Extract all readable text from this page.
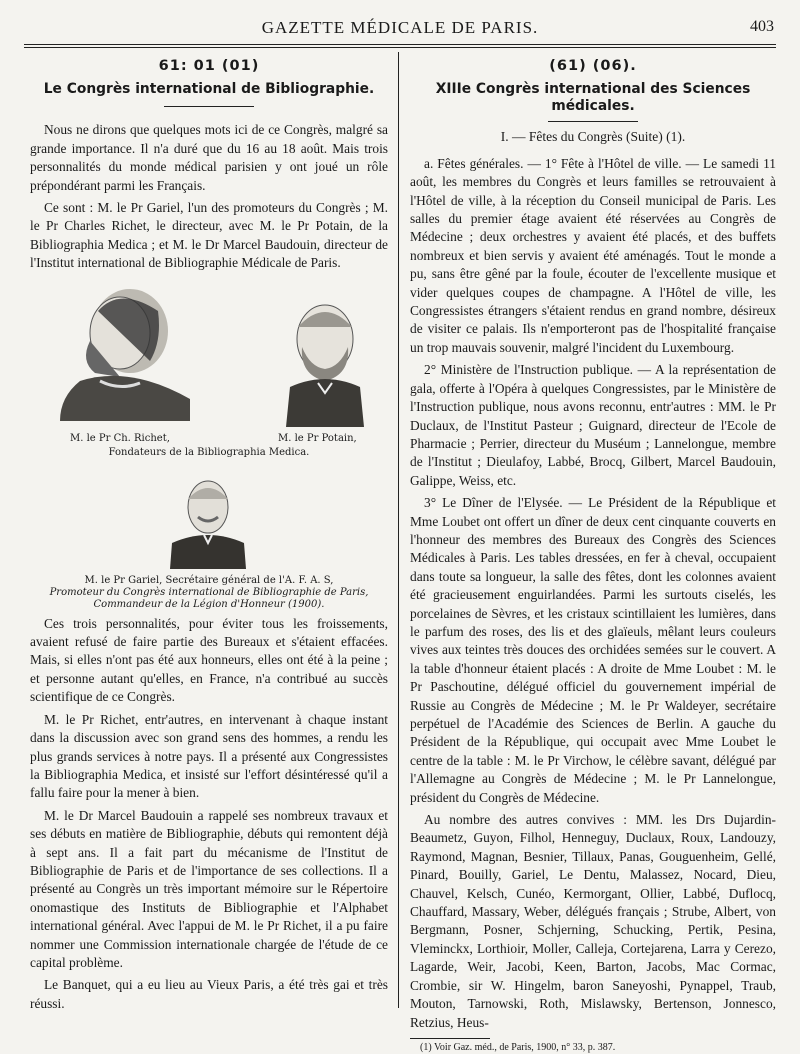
GAZETTE MÉDICALE DE PARIS.	403
61: 01 (01)
Le Congrès international de Bibliographie.

Nous ne dirons que quelques mots ici de ce Congrès, malgré sa grande importance. Il n'a duré que du 16 au 18 août. Mais trois personnalités du monde médical parisien y ont joué un rôle prépondérant parmi les Français.

Ce sont : M. le Pr Gariel, l'un des promoteurs du Congrès ; M. le Pr Charles Richet, le directeur, avec M. le Pr Potain, de la Bibliographia Medica ; et M. le Dr Marcel Baudouin, directeur de l'Institut international de Bibliographie Médicale de Paris.

M. le Pr Ch. Richet,	M. le Pr Potain,
Fondateurs de la Bibliographia Medica.
M. le Pr Gariel, Secrétaire général de l'A. F. A. S,
Promoteur du Congrès international de Bibliographie de Paris,
Commandeur de la Légion d'Honneur (1900).

Ces trois personnalités, pour éviter tous les froissements, avaient refusé de faire partie des Bureaux et s'étaient effacées. Mais, si elles n'ont pas été aux honneurs, elles ont été à la peine ; et personne autant qu'elles, en France, n'a contribué au succès scientifique de ce Congrès.

M. le Pr Richet, entr'autres, en intervenant à chaque instant dans la discussion avec son grand sens des hommes, a rendu les plus grands services à notre pays. Il a présenté aux Congressistes la Bibliographia Medica, et insisté sur l'effort désintéressé qu'il a fallu faire pour la mener à bien.

M. le Dr Marcel Baudouin a rappelé ses nombreux travaux et ses débuts en matière de Bibliographie, débuts qui remontent déjà à sept ans. Il a fait part du mécanisme de l'Institut de Bibliographie de Paris et de l'importance de ses collections. Il a présenté au Congrès un très important mémoire sur le Répertoire onomastique des Instituts de Bibliographie et l'Alphabet international général. Avec l'appui de M. le Pr Richet, il a pu faire nommer une Commission internationale chargée de l'étude de ce capital problème.

Le Banquet, qui a eu lieu au Vieux Paris, a été très gai et très réussi.

(61) (06).
XIIIe Congrès international des Sciences médicales.
I. — Fêtes du Congrès (Suite) (1).

a. Fêtes générales. — 1° Fête à l'Hôtel de ville. — Le samedi 11 août, les membres du Congrès et leurs familles se retrouvaient à l'Hôtel de ville, à la réception du Conseil municipal de Paris. Les salles du premier étage avaient été réservées au Congrès de Médecine ; deux orchestres y avaient été placés, et des buffets nombreux et bien servis y avaient été aménagés. Tout le monde a pu, sans être gêné par la foule, écouter de l'excellente musique et vider quelques coupes de champagne. A l'Hôtel de ville, les Congressistes étrangers s'étaient rendus en grand nombre, désireux de visiter ce palais. Ils n'emporteront pas de l'hospitalité française un trop mauvais souvenir, malgré l'incident du Luxembourg.

2° Ministère de l'Instruction publique. — A la représentation de gala, offerte à l'Opéra à quelques Congressistes, par le Ministère de l'Instruction publique, nous avons reconnu, entr'autres : MM. le Pr Duclaux, de l'Institut Pasteur ; Guignard, directeur de l'Ecole de Pharmacie ; Perrier, directeur du Muséum ; Lannelongue, membre de l'Institut ; Dieulafoy, Labbé, Brocq, Gilbert, Marcel Baudouin, Galippe, Weiss, etc.

3° Le Dîner de l'Elysée. — Le Président de la République et Mme Loubet ont offert un dîner de deux cent cinquante couverts en l'honneur des membres des Bureaux des Congrès des Sciences Médicales à Paris. Les tables dressées, en fer à cheval, occupaient dans toute sa longueur, la salle des fêtes, dont les colonnes avaient été gracieusement enguirlandées. Parmi les surtouts ciselés, les porcelaines de Sèvres, et les cristaux scintillaient les lumières, dans le parfum des roses, des lis et des glaïeuls, mêlant leurs couleurs vives aux teintes très douces des orchidées semées sur le couvert. A la table d'honneur étaient placés : A droite de Mme Loubet : M. le Pr Paschoutine, délégué officiel du gouvernement impérial de Russie au Congrès de Médecine ; M. le Pr Waldeyer, secrétaire perpétuel de l'Académie des Sciences de Berlin. A gauche du Président de la République, qui occupait avec Mme Loubet le centre de la table : M. le Pr Virchow, le célèbre savant, délégué par l'Allemagne au Congrès de Médecine ; M. le Pr Lannelongue, président du Congrès de Médecine.

Au nombre des autres convives : MM. les Drs Dujardin-Beaumetz, Guyon, Filhol, Henneguy, Duclaux, Roux, Landouzy, Raymond, Magnan, Besnier, Tillaux, Panas, Gouguenheim, Gellé, Pinard, Bouilly, Gariel, Le Dentu, Malassez, Nocard, Dieu, Chauvel, Kelsch, Cunéo, Kermorgant, Ollier, Labbé, Duflocq, Chauffard, Massary, Weber, délégués français ; Strube, Albert, von Bergmann, Posner, Schjerning, Schucking, Pertik, Pesina, Vleminckx, Lorthioir, Moller, Calleja, Cortejarena, Larra y Cerezo, Lagarde, Weir, Jacobi, Keen, Barton, Jacobs, Mac Cormac, Crombie, sir W. Hingelm, baron Saneyoshi, Pynappel, Traub, Mouton, Tarnowski, Roth, Mislawsky, Bertenson, Jonnesco, Retzius, Heus-

(1) Voir Gaz. méd., de Paris, 1900, n° 33, p. 387.
